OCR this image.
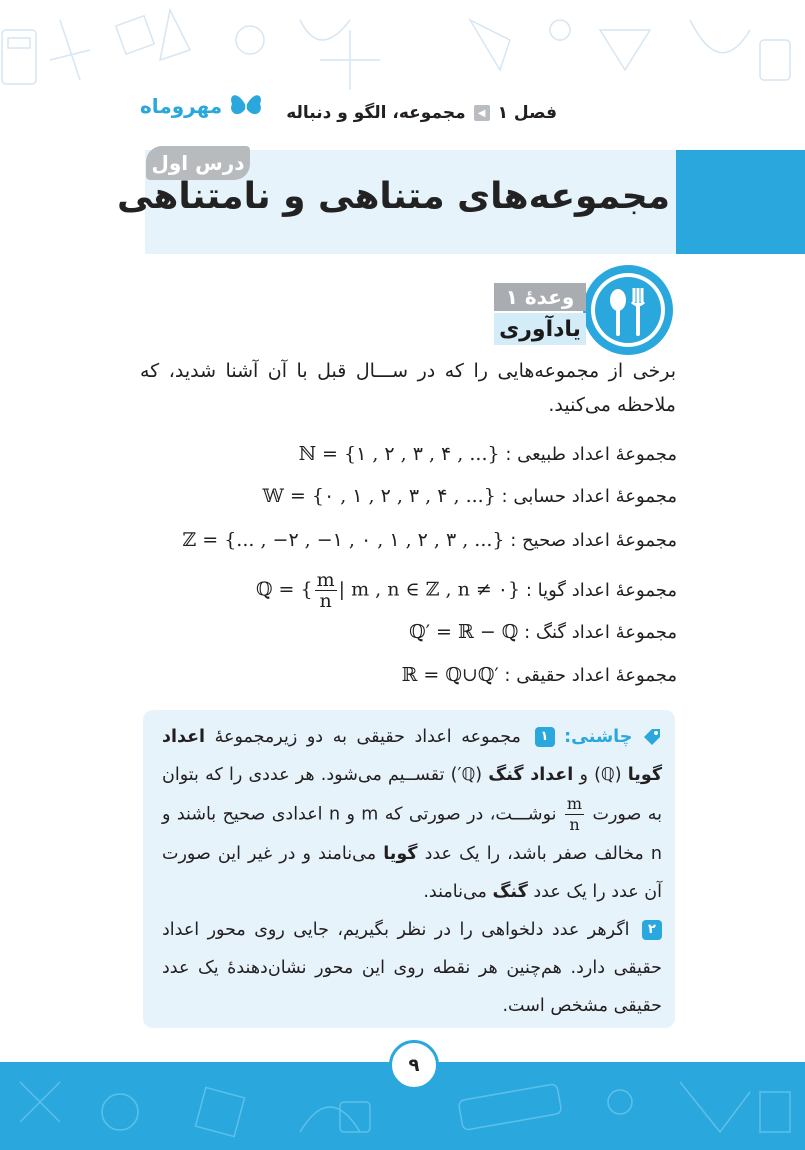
فصل ۱
◀
مجموعه، الگو و دنباله
مهروماه
درس اول
مجموعه‌های متناهی و نامتناهی
وعدهٔ ۱
یادآوری
برخی از مجموعه‌هایی را که در ســـال قبل با آن آشنا شدید، که ملاحظه می‌کنید.
مجموعهٔ اعداد طبیعی
:
ℕ = {۱ , ۲ , ۳ , ۴ , ...}
مجموعهٔ اعداد حسابی
:
𝕎 = {۰ , ۱ , ۲ , ۳ , ۴ , ...}
مجموعهٔ اعداد صحیح
:
ℤ = {... , −۲ , −۱ , ۰ , ۱ , ۲ , ۳ , ...}
مجموعهٔ اعداد گویا
:
ℚ = { $\frac{m}{n}$ | m , n ∈ ℤ , n ≠ ۰}
مجموعهٔ اعداد گنگ
:
ℚ′ = ℝ − ℚ
مجموعهٔ اعداد حقیقی
:
ℝ = ℚ∪ℚ′
چاشنی: ۱ مجموعه اعداد حقیقی به دو زیرمجموعهٔ اعداد گویا (ℚ) و اعداد گنگ (ℚ′) تقســیم می‌شود. هر عددی را که بتوان به صورت
$\frac{m}{n}$
نوشـــت، در صورتی که m و n اعدادی صحیح باشند و n مخالف صفر باشد، را یک عدد گویا می‌نامند و در غیر این صورت آن عدد را یک عدد گنگ می‌نامند.
۲ اگرهر عدد دلخواهی را در نظر بگیریم، جایی روی محور اعداد حقیقی دارد. هم‌چنین هر نقطه روی این محور نشان‌دهندهٔ یک عدد حقیقی مشخص است.
۹
